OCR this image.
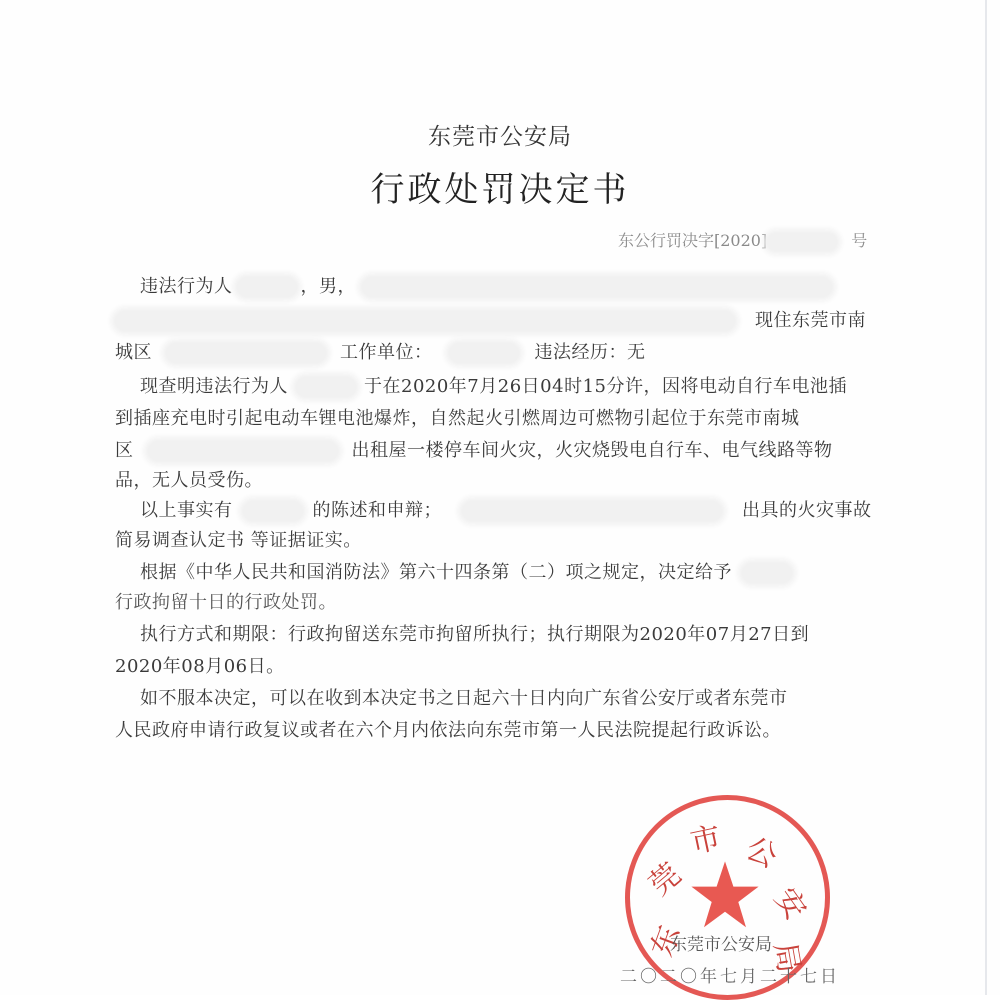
东莞市公安局
行政处罚决定书
东公行罚决字[2020]	号
违法行为人	，男，
现住东莞市南
城区	工作单位：	违法经历：无
现查明违法行为人	于在2020年7月26日04时15分许，因将电动自行车电池插
到插座充电时引起电动车锂电池爆炸，自然起火引燃周边可燃物引起位于东莞市南城
区	出租屋一楼停车间火灾，火灾烧毁电自行车、电气线路等物
品，无人员受伤。
以上事实有	的陈述和申辩；	出具的火灾事故
简易调查认定书 等证据证实。
根据《中华人民共和国消防法》第六十四条第（二）项之规定，决定给予
行政拘留十日的行政处罚。
执行方式和期限：行政拘留送东莞市拘留所执行；执行期限为2020年07月27日到
2020年08月06日。
如不服本决定，可以在收到本决定书之日起六十日内向广东省公安厅或者东莞市
人民政府申请行政复议或者在六个月内依法向东莞市第一人民法院提起行政诉讼。
东
莞
市 公
安
局
东莞市公安局
二〇二〇年七月二十七日
